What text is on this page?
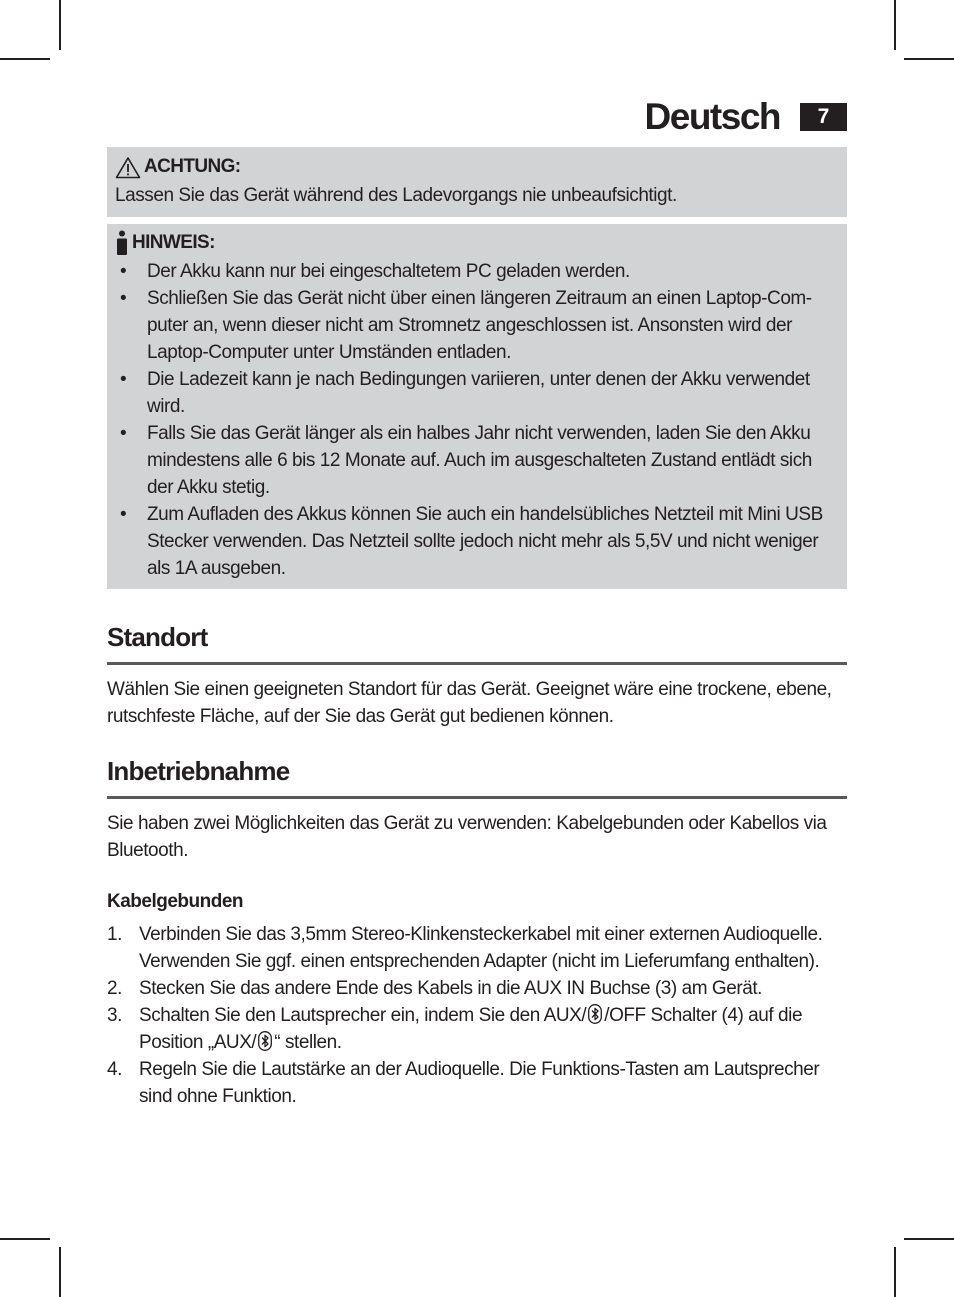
Deutsch	7
ACHTUNG:
Lassen Sie das Gerät während des Ladevorgangs nie unbeaufsichtigt.
HINWEIS:
• Der Akku kann nur bei eingeschaltetem PC geladen werden.
• Schließen Sie das Gerät nicht über einen längeren Zeitraum an einen Laptop-Com-
puter an, wenn dieser nicht am Stromnetz angeschlossen ist. Ansonsten wird der
Laptop-Computer unter Umständen entladen.
• Die Ladezeit kann je nach Bedingungen variieren, unter denen der Akku verwendet
wird.
• Falls Sie das Gerät länger als ein halbes Jahr nicht verwenden, laden Sie den Akku
mindestens alle 6 bis 12 Monate auf. Auch im ausgeschalteten Zustand entlädt sich
der Akku stetig.
• Zum Aufladen des Akkus können Sie auch ein handelsübliches Netzteil mit Mini USB
Stecker verwenden. Das Netzteil sollte jedoch nicht mehr als 5,5V und nicht weniger
als 1A ausgeben.
Standort
Wählen Sie einen geeigneten Standort für das Gerät. Geeignet wäre eine trockene, ebene,
rutschfeste Fläche, auf der Sie das Gerät gut bedienen können.
Inbetriebnahme
Sie haben zwei Möglichkeiten das Gerät zu verwenden: Kabelgebunden oder Kabellos via
Bluetooth.
Kabelgebunden
1. Verbinden Sie das 3,5mm Stereo-Klinkensteckerkabel mit einer externen Audioquelle.
Verwenden Sie ggf. einen entsprechenden Adapter (nicht im Lieferumfang enthalten).
2. Stecken Sie das andere Ende des Kabels in die AUX IN Buchse (3) am Gerät.
3. Schalten Sie den Lautsprecher ein, indem Sie den AUX/ /OFF Schalter (4) auf die
Position „AUX/ “ stellen.
4. Regeln Sie die Lautstärke an der Audioquelle. Die Funktions-Tasten am Lautsprecher
sind ohne Funktion.
